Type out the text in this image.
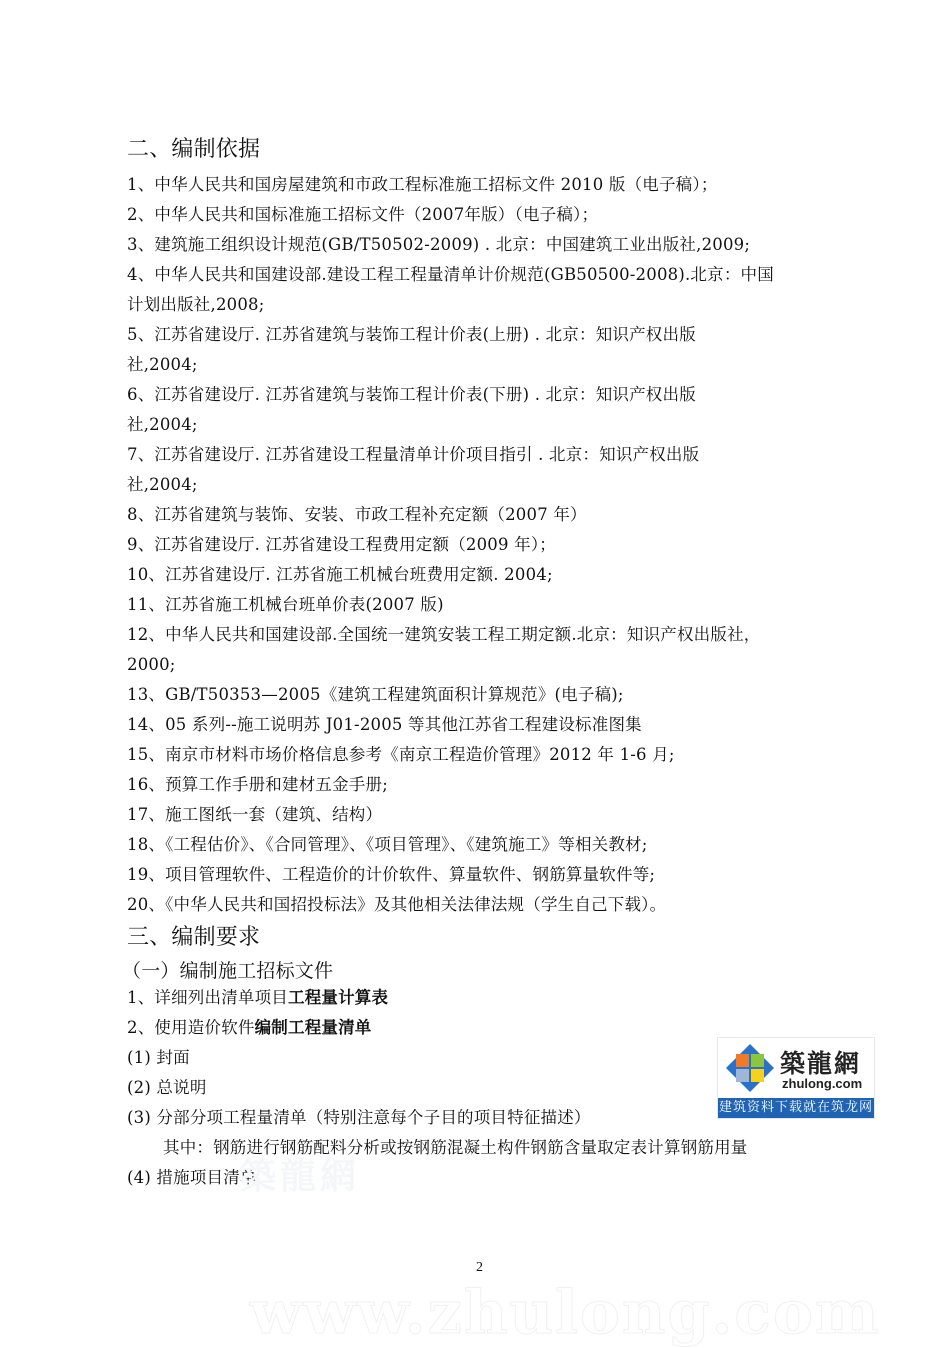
二、编制依据
1、中华人民共和国房屋建筑和市政工程标准施工招标文件 2010 版（电子稿）；
2、中华人民共和国标准施工招标文件（2007年版）（电子稿）；
3、建筑施工组织设计规范(GB/T50502-2009) . 北京：中国建筑工业出版社,2009;
4、中华人民共和国建设部.建设工程工程量清单计价规范(GB50500-2008).北京：中国
计划出版社,2008;
5、江苏省建设厅. 江苏省建筑与装饰工程计价表(上册) . 北京：知识产权出版
社,2004;
6、江苏省建设厅. 江苏省建筑与装饰工程计价表(下册) . 北京：知识产权出版
社,2004;
7、江苏省建设厅. 江苏省建设工程量清单计价项目指引 . 北京：知识产权出版
社,2004;
8、江苏省建筑与装饰、安装、市政工程补充定额（2007 年）
9、江苏省建设厅. 江苏省建设工程费用定额（2009 年）；
10、江苏省建设厅. 江苏省施工机械台班费用定额. 2004;
11、江苏省施工机械台班单价表(2007 版)
12、中华人民共和国建设部.全国统一建筑安装工程工期定额.北京：知识产权出版社，
2000;
13、GB/T50353—2005《建筑工程建筑面积计算规范》(电子稿);
14、05 系列--施工说明苏 J01-2005 等其他江苏省工程建设标准图集
15、南京市材料市场价格信息参考《南京工程造价管理》2012 年 1-6 月;
16、预算工作手册和建材五金手册;
17、施工图纸一套（建筑、结构）
18、《工程估价》、《合同管理》、《项目管理》、《建筑施工》等相关教材;
19、项目管理软件、工程造价的计价软件、算量软件、钢筋算量软件等;
20、《中华人民共和国招投标法》及其他相关法律法规（学生自己下载）。
三、编制要求
（一）编制施工招标文件
1、详细列出清单项目工程量计算表
2、使用造价软件编制工程量清单
(1) 封面
(2) 总说明
(3) 分部分项工程量清单（特别注意每个子目的项目特征描述）
其中：钢筋进行钢筋配料分析或按钢筋混凝土构件钢筋含量取定表计算钢筋用量
(4) 措施项目清单
築龍網
築龍網
zhulong.com
建筑资料下载就在筑龙网
2
www.zhulong.com
